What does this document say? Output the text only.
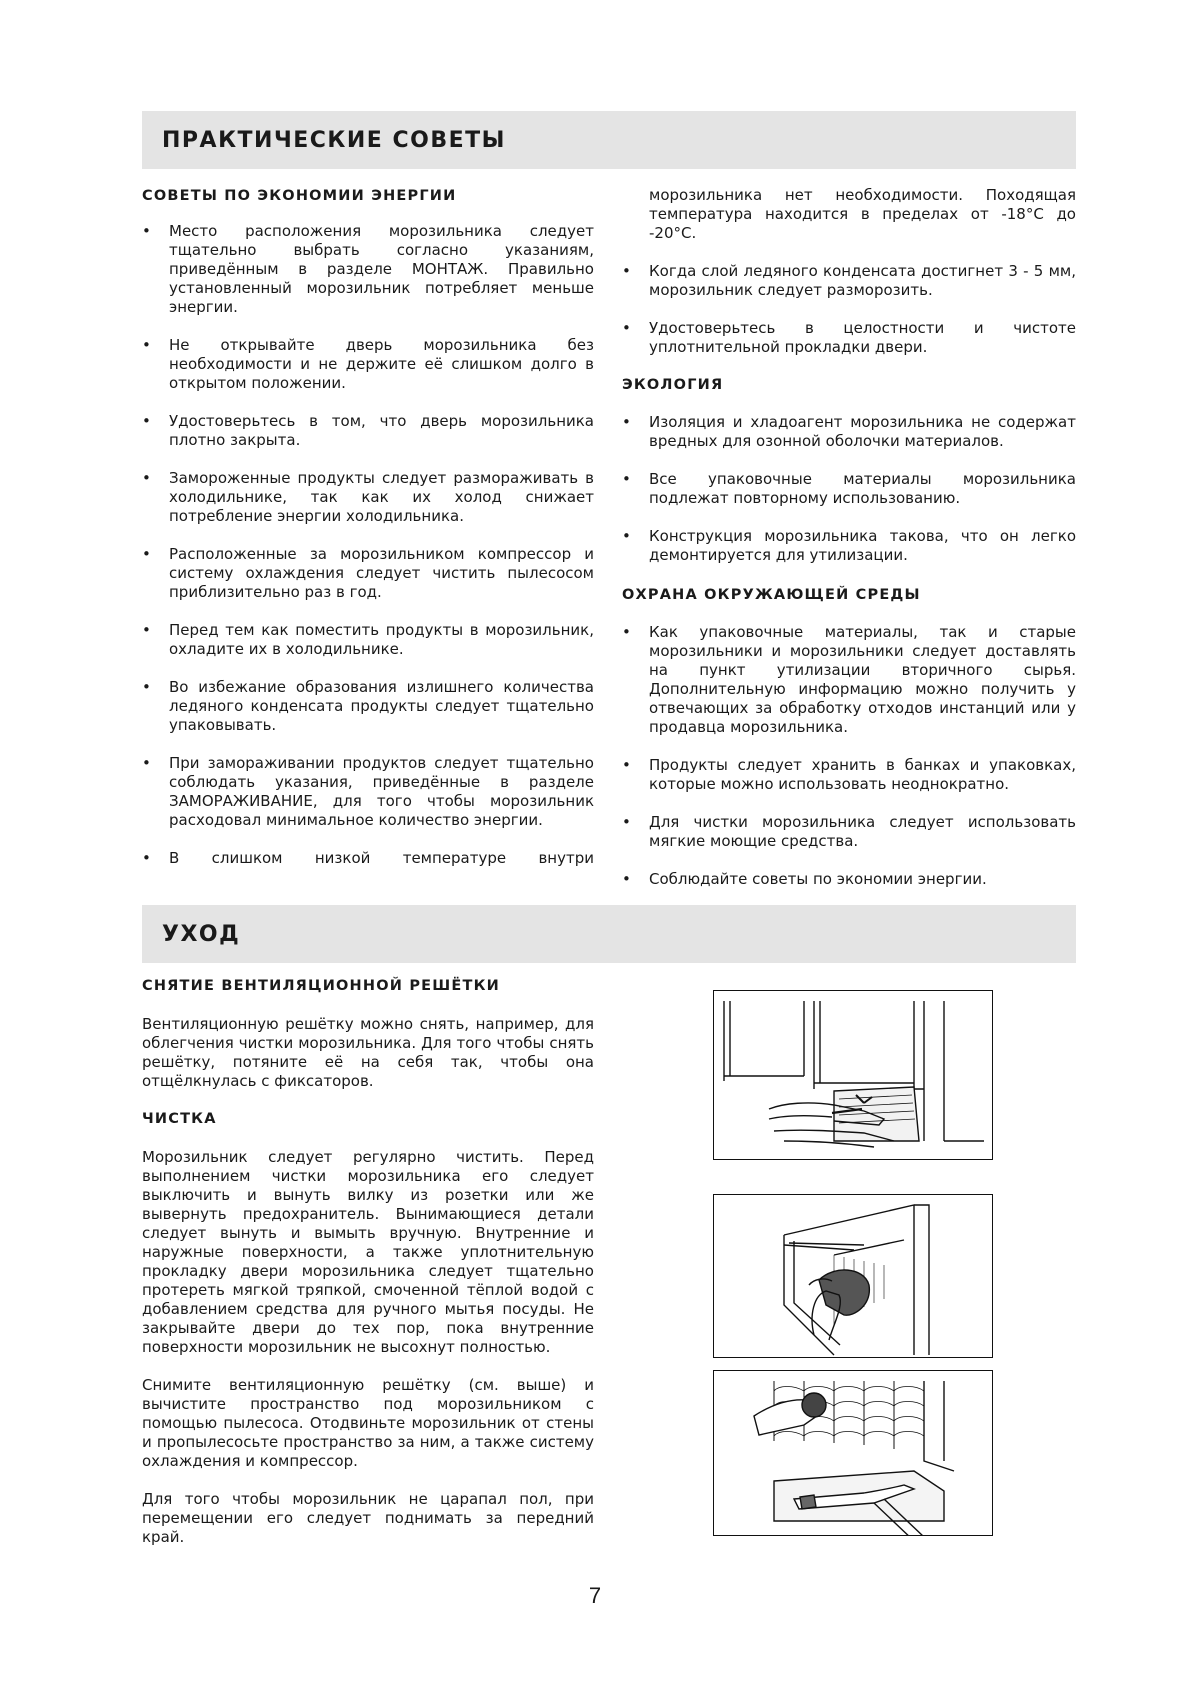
ПРАКТИЧЕСКИЕ СОВЕТЫ
СОВЕТЫ ПО ЭКОНОМИИ ЭНЕРГИИ
• Место расположения морозильника следует тщательно выбрать согласно указаниям, приведённым в разделе МОНТАЖ. Правильно установленный морозильник потребляет меньше энергии.
• Не открывайте дверь морозильника без необходимости и не держите её слишком долго в открытом положении.
• Удостоверьтесь в том, что дверь морозильника плотно закрыта.
• Замороженные продукты следует размораживать в холодильнике, так как их холод снижает потребление энергии холодильника.
• Расположенные за морозильником компрессор и систему охлаждения следует чистить пылесосом приблизительно раз в год.
• Перед тем как поместить продукты в морозильник, охладите их в холодильнике.
• Во избежание образования излишнего количества ледяного конденсата продукты следует тщательно упаковывать.
• При замораживании продуктов следует тщательно соблюдать указания, приведённые в разделе ЗАМОРАЖИВАНИЕ, для того чтобы морозильник расходовал минимальное количество энергии.
• В слишком низкой температуре внутри

морозильника нет необходимости. Походящая температура находится в пределах от -18°C до -20°C.

• Когда слой ледяного конденсата достигнет 3 - 5 мм, морозильник следует разморозить.
• Удостоверьтесь в целостности и чистоте уплотнительной прокладки двери.
ЭКОЛОГИЯ
• Изоляция и хладоагент морозильника не содержат вредных для озонной оболочки материалов.
• Все упаковочные материалы морозильника подлежат повторному использованию.
• Конструкция морозильника такова, что он легко демонтируется для утилизации.
ОХРАНА ОКРУЖАЮЩЕЙ СРЕДЫ
• Как упаковочные материалы, так и старые морозильники и морозильники следует доставлять на пункт утилизации вторичного сырья. Дополнительную информацию можно получить у отвечающих за обработку отходов инстанций или у продавца морозильника.
• Продукты следует хранить в банках и упаковках, которые можно использовать неоднократно.
• Для чистки морозильника следует использовать мягкие моющие средства.
• Соблюдайте советы по экономии энергии.
УХОД
СНЯТИЕ ВЕНТИЛЯЦИОННОЙ РЕШЁТКИ

Вентиляционную решётку можно снять, например, для облегчения чистки морозильника. Для того чтобы снять решётку, потяните её на себя так, чтобы она отщёлкнулась с фиксаторов.

ЧИСТКА

Морозильник следует регулярно чистить. Перед выполнением чистки морозильника его следует выключить и вынуть вилку из розетки или же вывернуть предохранитель. Вынимающиеся детали следует вынуть и вымыть вручную. Внутренние и наружные поверхности, а также уплотнительную прокладку двери морозильника следует тщательно протереть мягкой тряпкой, смоченной тёплой водой с добавлением средства для ручного мытья посуды. Не закрывайте двери до тех пор, пока внутренние поверхности морозильник не высохнут полностью.

Снимите вентиляционную решётку (см. выше) и вычистите пространство под морозильником с помощью пылесоса. Отодвиньте морозильник от стены и пропылесосьте пространство за ним, а также систему охлаждения и компрессор.

Для того чтобы морозильник не царапал пол, при перемещении его следует поднимать за передний край.

7
